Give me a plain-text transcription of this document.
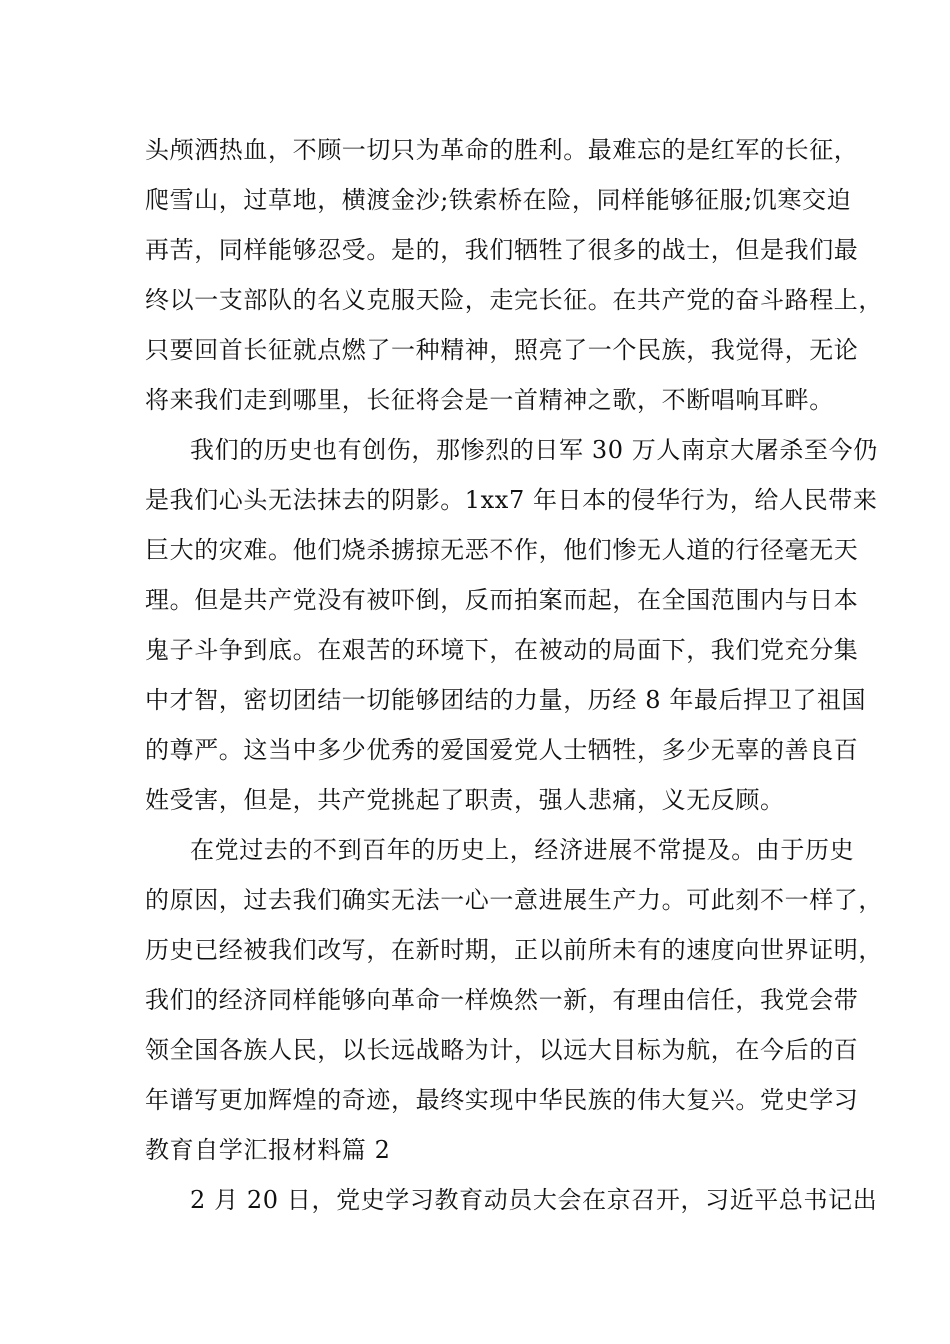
头颅洒热血，不顾一切只为革命的胜利。最难忘的是红军的长征，
爬雪山，过草地，横渡金沙;铁索桥在险，同样能够征服;饥寒交迫
再苦，同样能够忍受。是的，我们牺牲了很多的战士，但是我们最
终以一支部队的名义克服天险，走完长征。在共产党的奋斗路程上，
只要回首长征就点燃了一种精神，照亮了一个民族，我觉得，无论
将来我们走到哪里，长征将会是一首精神之歌，不断唱响耳畔。
我们的历史也有创伤，那惨烈的日军 30 万人南京大屠杀至今仍
是我们心头无法抹去的阴影。1xx7 年日本的侵华行为，给人民带来
巨大的灾难。他们烧杀掳掠无恶不作，他们惨无人道的行径毫无天
理。但是共产党没有被吓倒，反而拍案而起，在全国范围内与日本
鬼子斗争到底。在艰苦的环境下，在被动的局面下，我们党充分集
中才智，密切团结一切能够团结的力量，历经 8 年最后捍卫了祖国
的尊严。这当中多少优秀的爱国爱党人士牺牲，多少无辜的善良百
姓受害，但是，共产党挑起了职责，强人悲痛，义无反顾。
在党过去的不到百年的历史上，经济进展不常提及。由于历史
的原因，过去我们确实无法一心一意进展生产力。可此刻不一样了，
历史已经被我们改写，在新时期，正以前所未有的速度向世界证明，
我们的经济同样能够向革命一样焕然一新，有理由信任，我党会带
领全国各族人民，以长远战略为计，以远大目标为航，在今后的百
年谱写更加辉煌的奇迹，最终实现中华民族的伟大复兴。党史学习
教育自学汇报材料篇 2
2 月 20 日，党史学习教育动员大会在京召开，习近平总书记出
